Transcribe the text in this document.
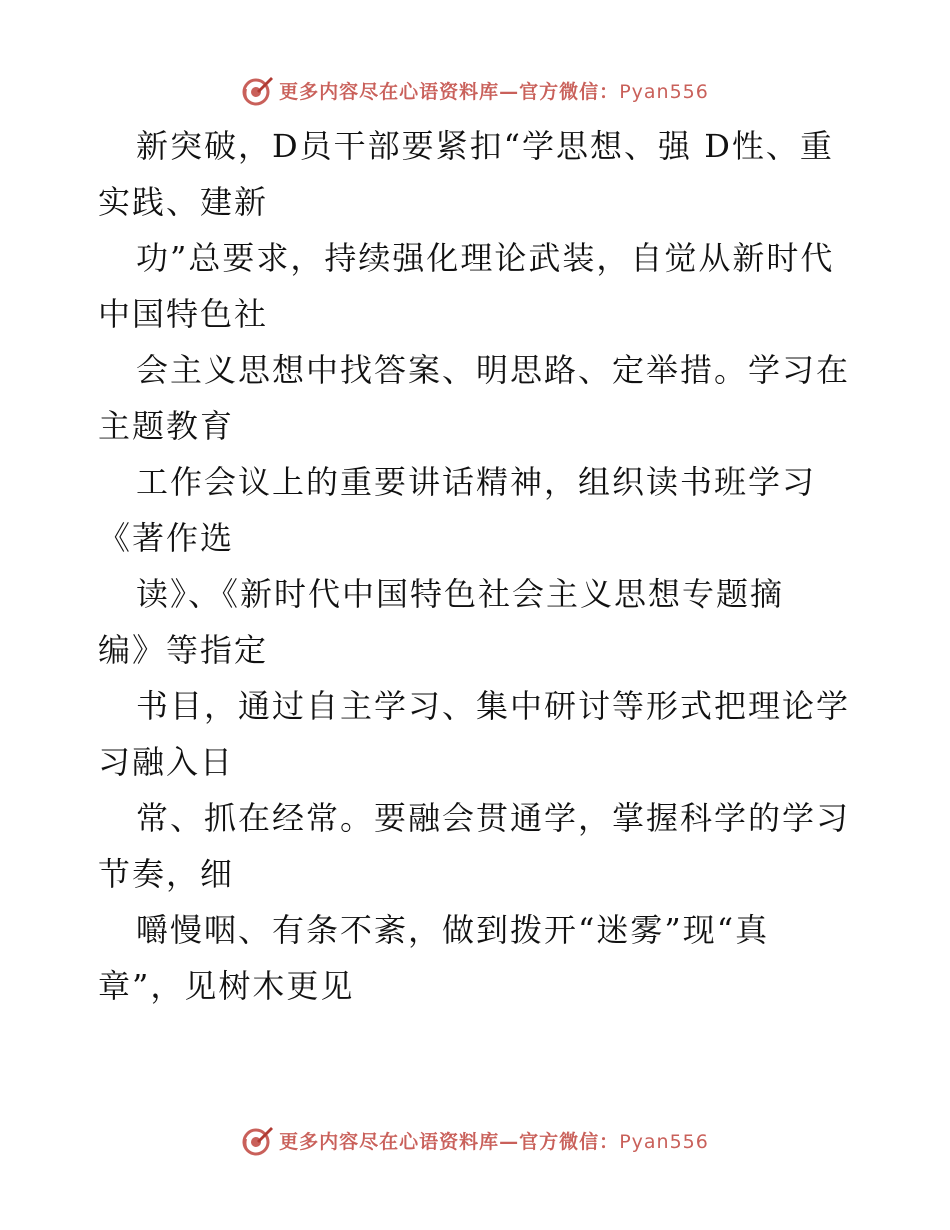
更多内容尽在心语资料库—官方微信：Pyan556

新突破，D员干部要紧扣“学思想、强 D性、重
实践、建新

功”总要求，持续强化理论武装，自觉从新时代
中国特色社

会主义思想中找答案、明思路、定举措。学习在
主题教育

工作会议上的重要讲话精神，组织读书班学习
《著作选

读》、《新时代中国特色社会主义思想专题摘
编》等指定

书目，通过自主学习、集中研讨等形式把理论学
习融入日

常、抓在经常。要融会贯通学，掌握科学的学习
节奏，细

嚼慢咽、有条不紊，做到拨开“迷雾”现“真
章”，见树木更见

更多内容尽在心语资料库—官方微信：Pyan556
